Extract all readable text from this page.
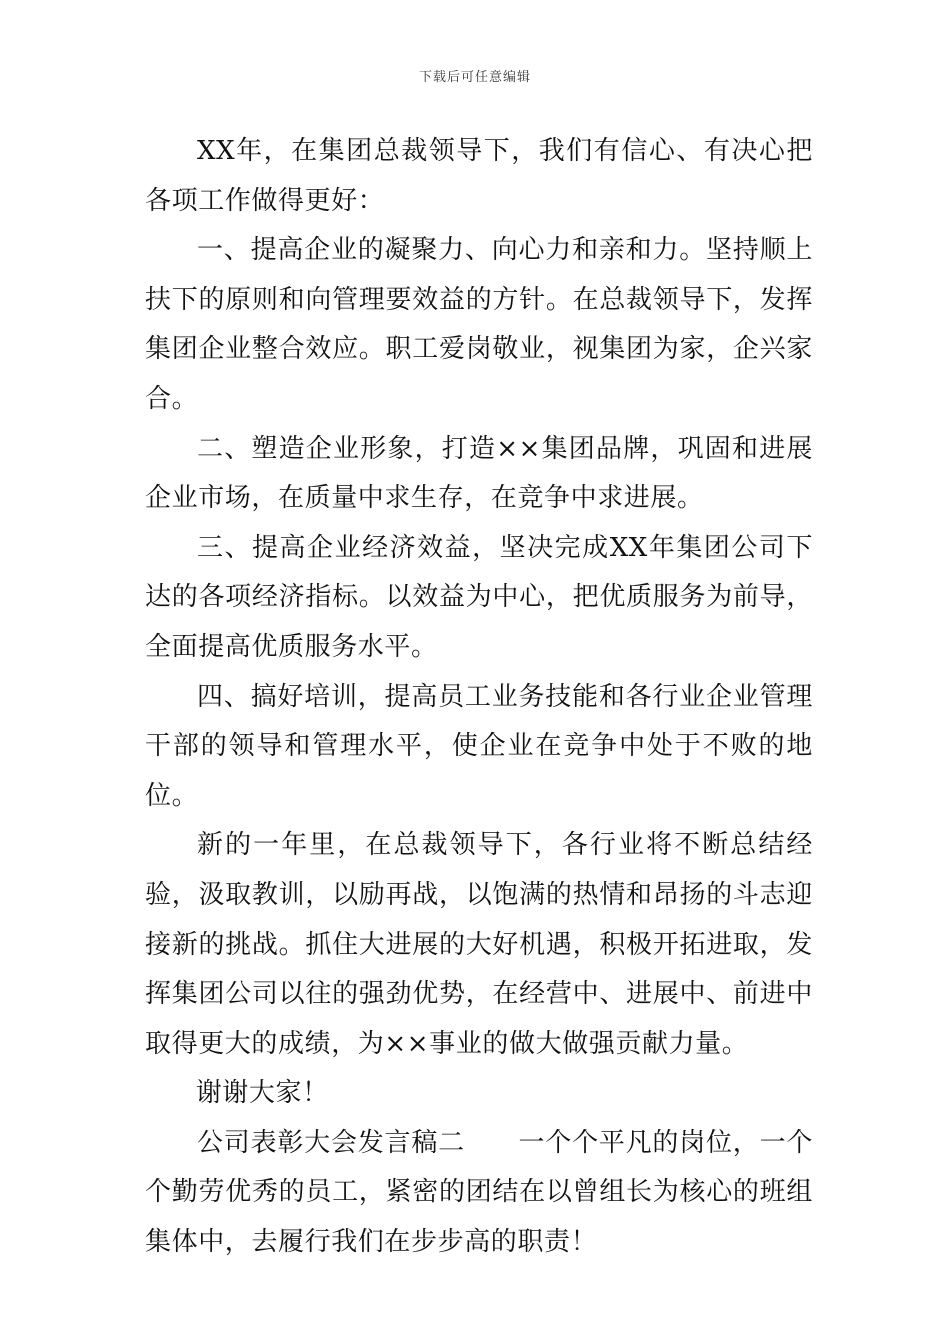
下载后可任意编辑

XX年，在集团总裁领导下，我们有信心、有决心把各项工作做得更好：

一、提高企业的凝聚力、向心力和亲和力。坚持顺上扶下的原则和向管理要效益的方针。在总裁领导下，发挥集团企业整合效应。职工爱岗敬业，视集团为家，企兴家合。

二、塑造企业形象，打造××集团品牌，巩固和进展企业市场，在质量中求生存，在竞争中求进展。

三、提高企业经济效益，坚决完成XX年集团公司下达的各项经济指标。以效益为中心，把优质服务为前导，全面提高优质服务水平。

四、搞好培训，提高员工业务技能和各行业企业管理干部的领导和管理水平，使企业在竞争中处于不败的地位。

新的一年里，在总裁领导下，各行业将不断总结经验，汲取教训，以励再战，以饱满的热情和昂扬的斗志迎接新的挑战。抓住大进展的大好机遇，积极开拓进取，发挥集团公司以往的强劲优势，在经营中、进展中、前进中取得更大的成绩，为××事业的做大做强贡献力量。

谢谢大家！

公司表彰大会发言稿二　　一个个平凡的岗位，一个个勤劳优秀的员工，紧密的团结在以曾组长为核心的班组集体中，去履行我们在步步高的职责！
